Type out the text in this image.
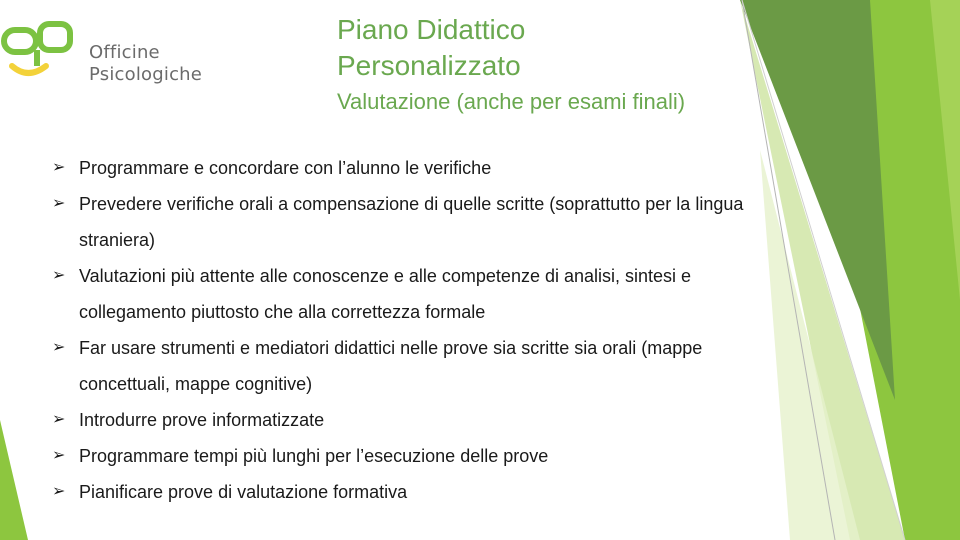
Officine
Psicologiche
Piano Didattico Personalizzato
Valutazione (anche per esami finali)
➢ Programmare e concordare con l’alunno le verifiche
➢ Prevedere verifiche orali a compensazione di quelle scritte (soprattutto per la lingua straniera)
➢ Valutazioni più attente alle conoscenze e alle competenze di analisi, sintesi e collegamento piuttosto che alla correttezza formale
➢ Far usare strumenti e mediatori didattici nelle prove sia scritte sia orali (mappe concettuali, mappe cognitive)
➢ Introdurre prove informatizzate
➢ Programmare tempi più lunghi per l’esecuzione delle prove
➢ Pianificare prove di valutazione formativa
